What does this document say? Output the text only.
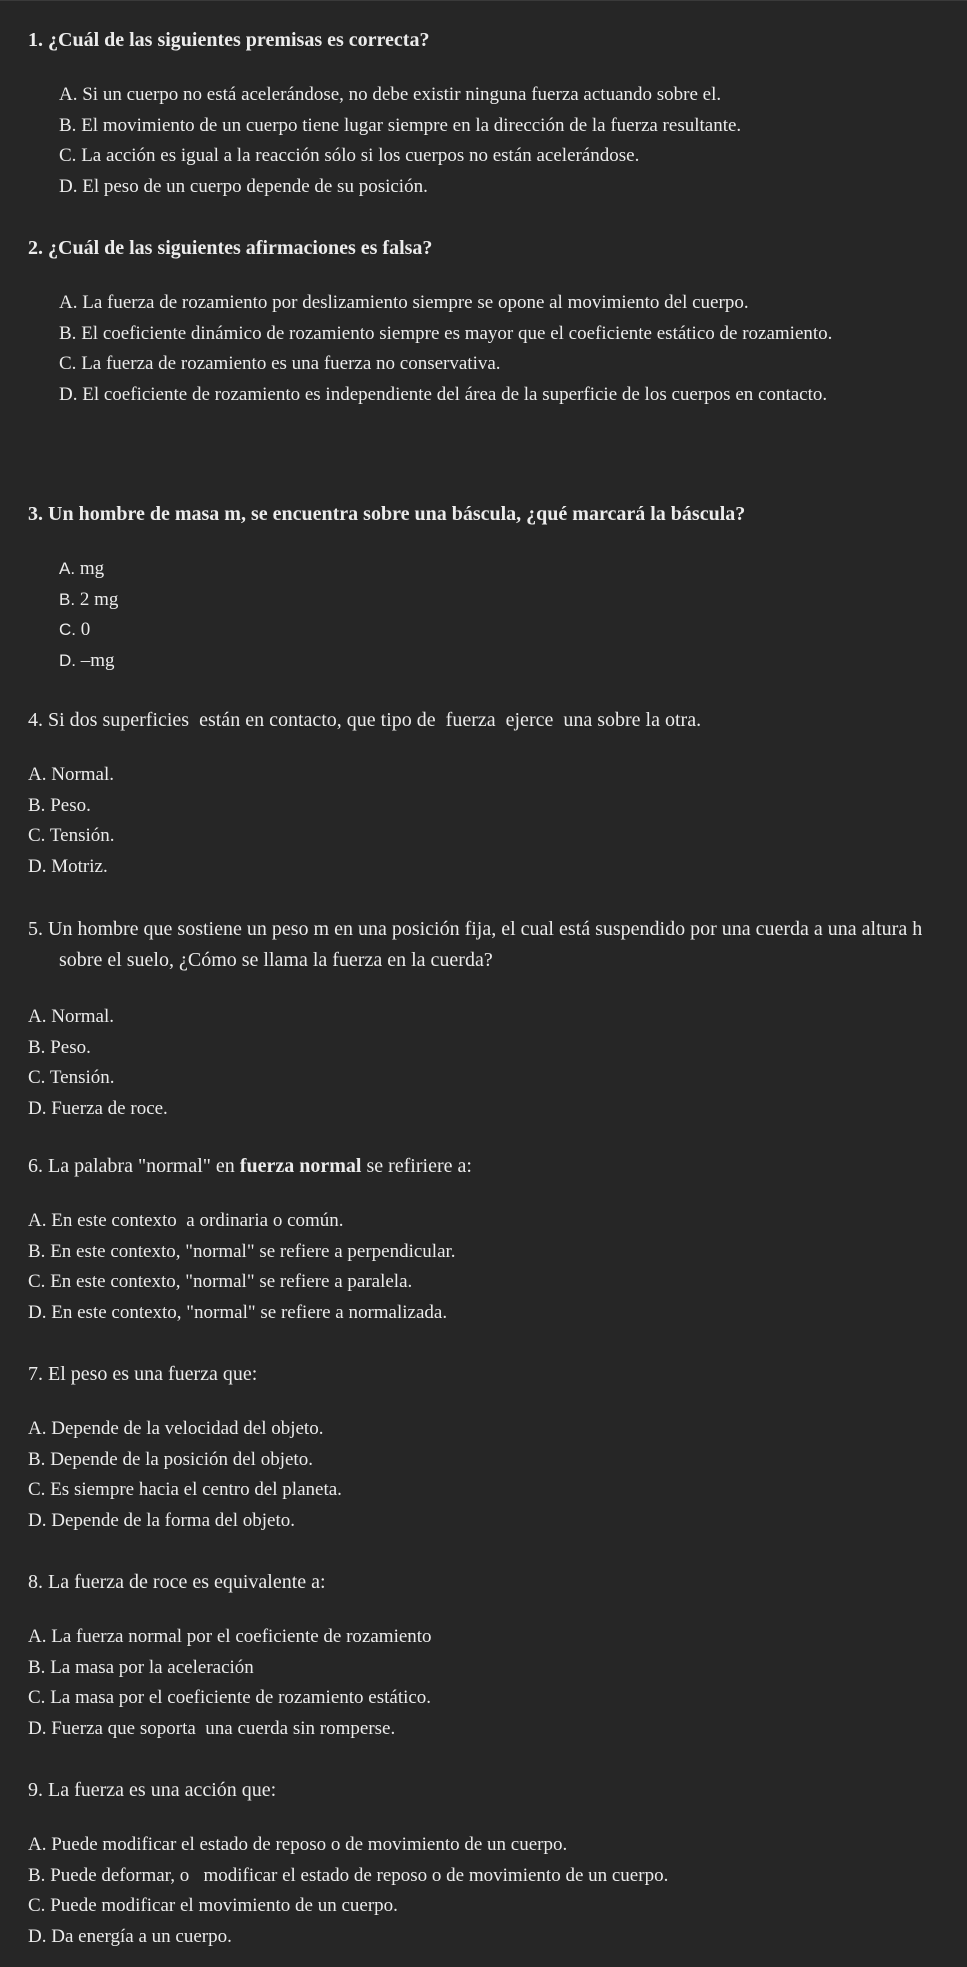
1. ¿Cuál de las siguientes premisas es correcta?

A. Si un cuerpo no está acelerándose, no debe existir ninguna fuerza actuando sobre el.
B. El movimiento de un cuerpo tiene lugar siempre en la dirección de la fuerza resultante.
C. La acción es igual a la reacción sólo si los cuerpos no están acelerándose.
D. El peso de un cuerpo depende de su posición.

2. ¿Cuál de las siguientes afirmaciones es falsa?

A. La fuerza de rozamiento por deslizamiento siempre se opone al movimiento del cuerpo.
B. El coeficiente dinámico de rozamiento siempre es mayor que el coeficiente estático de rozamiento.
C. La fuerza de rozamiento es una fuerza no conservativa.
D. El coeficiente de rozamiento es independiente del área de la superficie de los cuerpos en contacto.

3. Un hombre de masa m, se encuentra sobre una báscula, ¿qué marcará la báscula?

A. mg
B. 2 mg
C. 0
D. –mg

4. Si dos superficies  están en contacto, que tipo de  fuerza  ejerce  una sobre la otra.

A. Normal.
B. Peso.
C. Tensión.
D. Motriz.

5. Un hombre que sostiene un peso m en una posición fija, el cual está suspendido por una cuerda a una altura h sobre el suelo, ¿Cómo se llama la fuerza en la cuerda?

A. Normal.
B. Peso.
C. Tensión.
D. Fuerza de roce.

6. La palabra "normal" en fuerza normal se refiriere a:

A. En este contexto  a ordinaria o común.
B. En este contexto, "normal" se refiere a perpendicular.
C. En este contexto, "normal" se refiere a paralela.
D. En este contexto, "normal" se refiere a normalizada.

7. El peso es una fuerza que:

A. Depende de la velocidad del objeto.
B. Depende de la posición del objeto.
C. Es siempre hacia el centro del planeta.
D. Depende de la forma del objeto.

8. La fuerza de roce es equivalente a:

A. La fuerza normal por el coeficiente de rozamiento
B. La masa por la aceleración
C. La masa por el coeficiente de rozamiento estático.
D. Fuerza que soporta  una cuerda sin romperse.

9. La fuerza es una acción que:

A. Puede modificar el estado de reposo o de movimiento de un cuerpo.
B. Puede deformar, o   modificar el estado de reposo o de movimiento de un cuerpo.
C. Puede modificar el movimiento de un cuerpo.
D. Da energía a un cuerpo.
